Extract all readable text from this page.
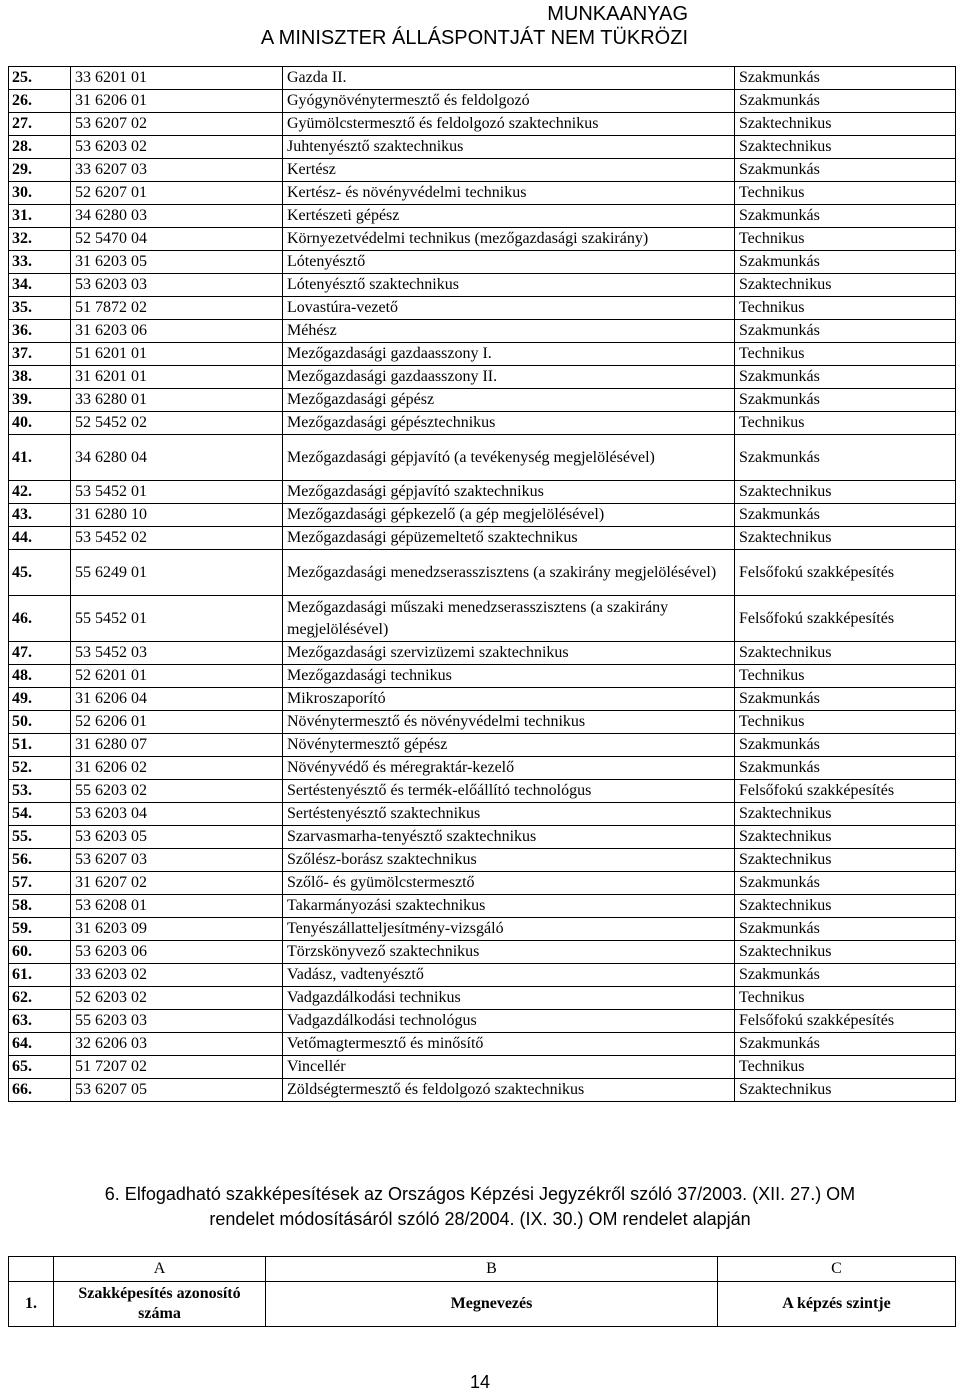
MUNKAANYAG
A MINISZTER ÁLLÁSPONTJÁT NEM TÜKRÖZI
25.	33 6201 01	Gazda II.	Szakmunkás
26.	31 6206 01	Gyógynövénytermesztő és feldolgozó	Szakmunkás
27.	53 6207 02	Gyümölcstermesztő és feldolgozó szaktechnikus	Szaktechnikus
28.	53 6203 02	Juhtenyésztő szaktechnikus	Szaktechnikus
29.	33 6207 03	Kertész	Szakmunkás
30.	52 6207 01	Kertész- és növényvédelmi technikus	Technikus
31.	34 6280 03	Kertészeti gépész	Szakmunkás
32.	52 5470 04	Környezetvédelmi technikus (mezőgazdasági szakirány)	Technikus
33.	31 6203 05	Lótenyésztő	Szakmunkás
34.	53 6203 03	Lótenyésztő szaktechnikus	Szaktechnikus
35.	51 7872 02	Lovastúra-vezető	Technikus
36.	31 6203 06	Méhész	Szakmunkás
37.	51 6201 01	Mezőgazdasági gazdaasszony I.	Technikus
38.	31 6201 01	Mezőgazdasági gazdaasszony II.	Szakmunkás
39.	33 6280 01	Mezőgazdasági gépész	Szakmunkás
40.	52 5452 02	Mezőgazdasági gépésztechnikus	Technikus
41.	34 6280 04	Mezőgazdasági gépjavító (a tevékenység megjelölésével)	Szakmunkás
42.	53 5452 01	Mezőgazdasági gépjavító szaktechnikus	Szaktechnikus
43.	31 6280 10	Mezőgazdasági gépkezelő (a gép megjelölésével)	Szakmunkás
44.	53 5452 02	Mezőgazdasági gépüzemeltető szaktechnikus	Szaktechnikus
45.	55 6249 01	Mezőgazdasági menedzserasszisztens (a szakirány megjelölésével)	Felsőfokú szakképesítés
46.	55 5452 01	Mezőgazdasági műszaki menedzserasszisztens (a szakirány megjelölésével)	Felsőfokú szakképesítés
47.	53 5452 03	Mezőgazdasági szervizüzemi szaktechnikus	Szaktechnikus
48.	52 6201 01	Mezőgazdasági technikus	Technikus
49.	31 6206 04	Mikroszaporító	Szakmunkás
50.	52 6206 01	Növénytermesztő és növényvédelmi technikus	Technikus
51.	31 6280 07	Növénytermesztő gépész	Szakmunkás
52.	31 6206 02	Növényvédő és méregraktár-kezelő	Szakmunkás
53.	55 6203 02	Sertéstenyésztő és termék-előállító technológus	Felsőfokú szakképesítés
54.	53 6203 04	Sertéstenyésztő szaktechnikus	Szaktechnikus
55.	53 6203 05	Szarvasmarha-tenyésztő szaktechnikus	Szaktechnikus
56.	53 6207 03	Szőlész-borász szaktechnikus	Szaktechnikus
57.	31 6207 02	Szőlő- és gyümölcstermesztő	Szakmunkás
58.	53 6208 01	Takarmányozási szaktechnikus	Szaktechnikus
59.	31 6203 09	Tenyészállatteljesítmény-vizsgáló	Szakmunkás
60.	53 6203 06	Törzskönyvező szaktechnikus	Szaktechnikus
61.	33 6203 02	Vadász, vadtenyésztő	Szakmunkás
62.	52 6203 02	Vadgazdálkodási technikus	Technikus
63.	55 6203 03	Vadgazdálkodási technológus	Felsőfokú szakképesítés
64.	32 6206 03	Vetőmagtermesztő és minősítő	Szakmunkás
65.	51 7207 02	Vincellér	Technikus
66.	53 6207 05	Zöldségtermesztő és feldolgozó szaktechnikus	Szaktechnikus
6. Elfogadható szakképesítések az Országos Képzési Jegyzékről szóló 37/2003. (XII. 27.) OM
rendelet módosításáról szóló 28/2004. (IX. 30.) OM rendelet alapján
	A	B	C
1.	Szakképesítés azonosító száma	Megnevezés	A képzés szintje
14
